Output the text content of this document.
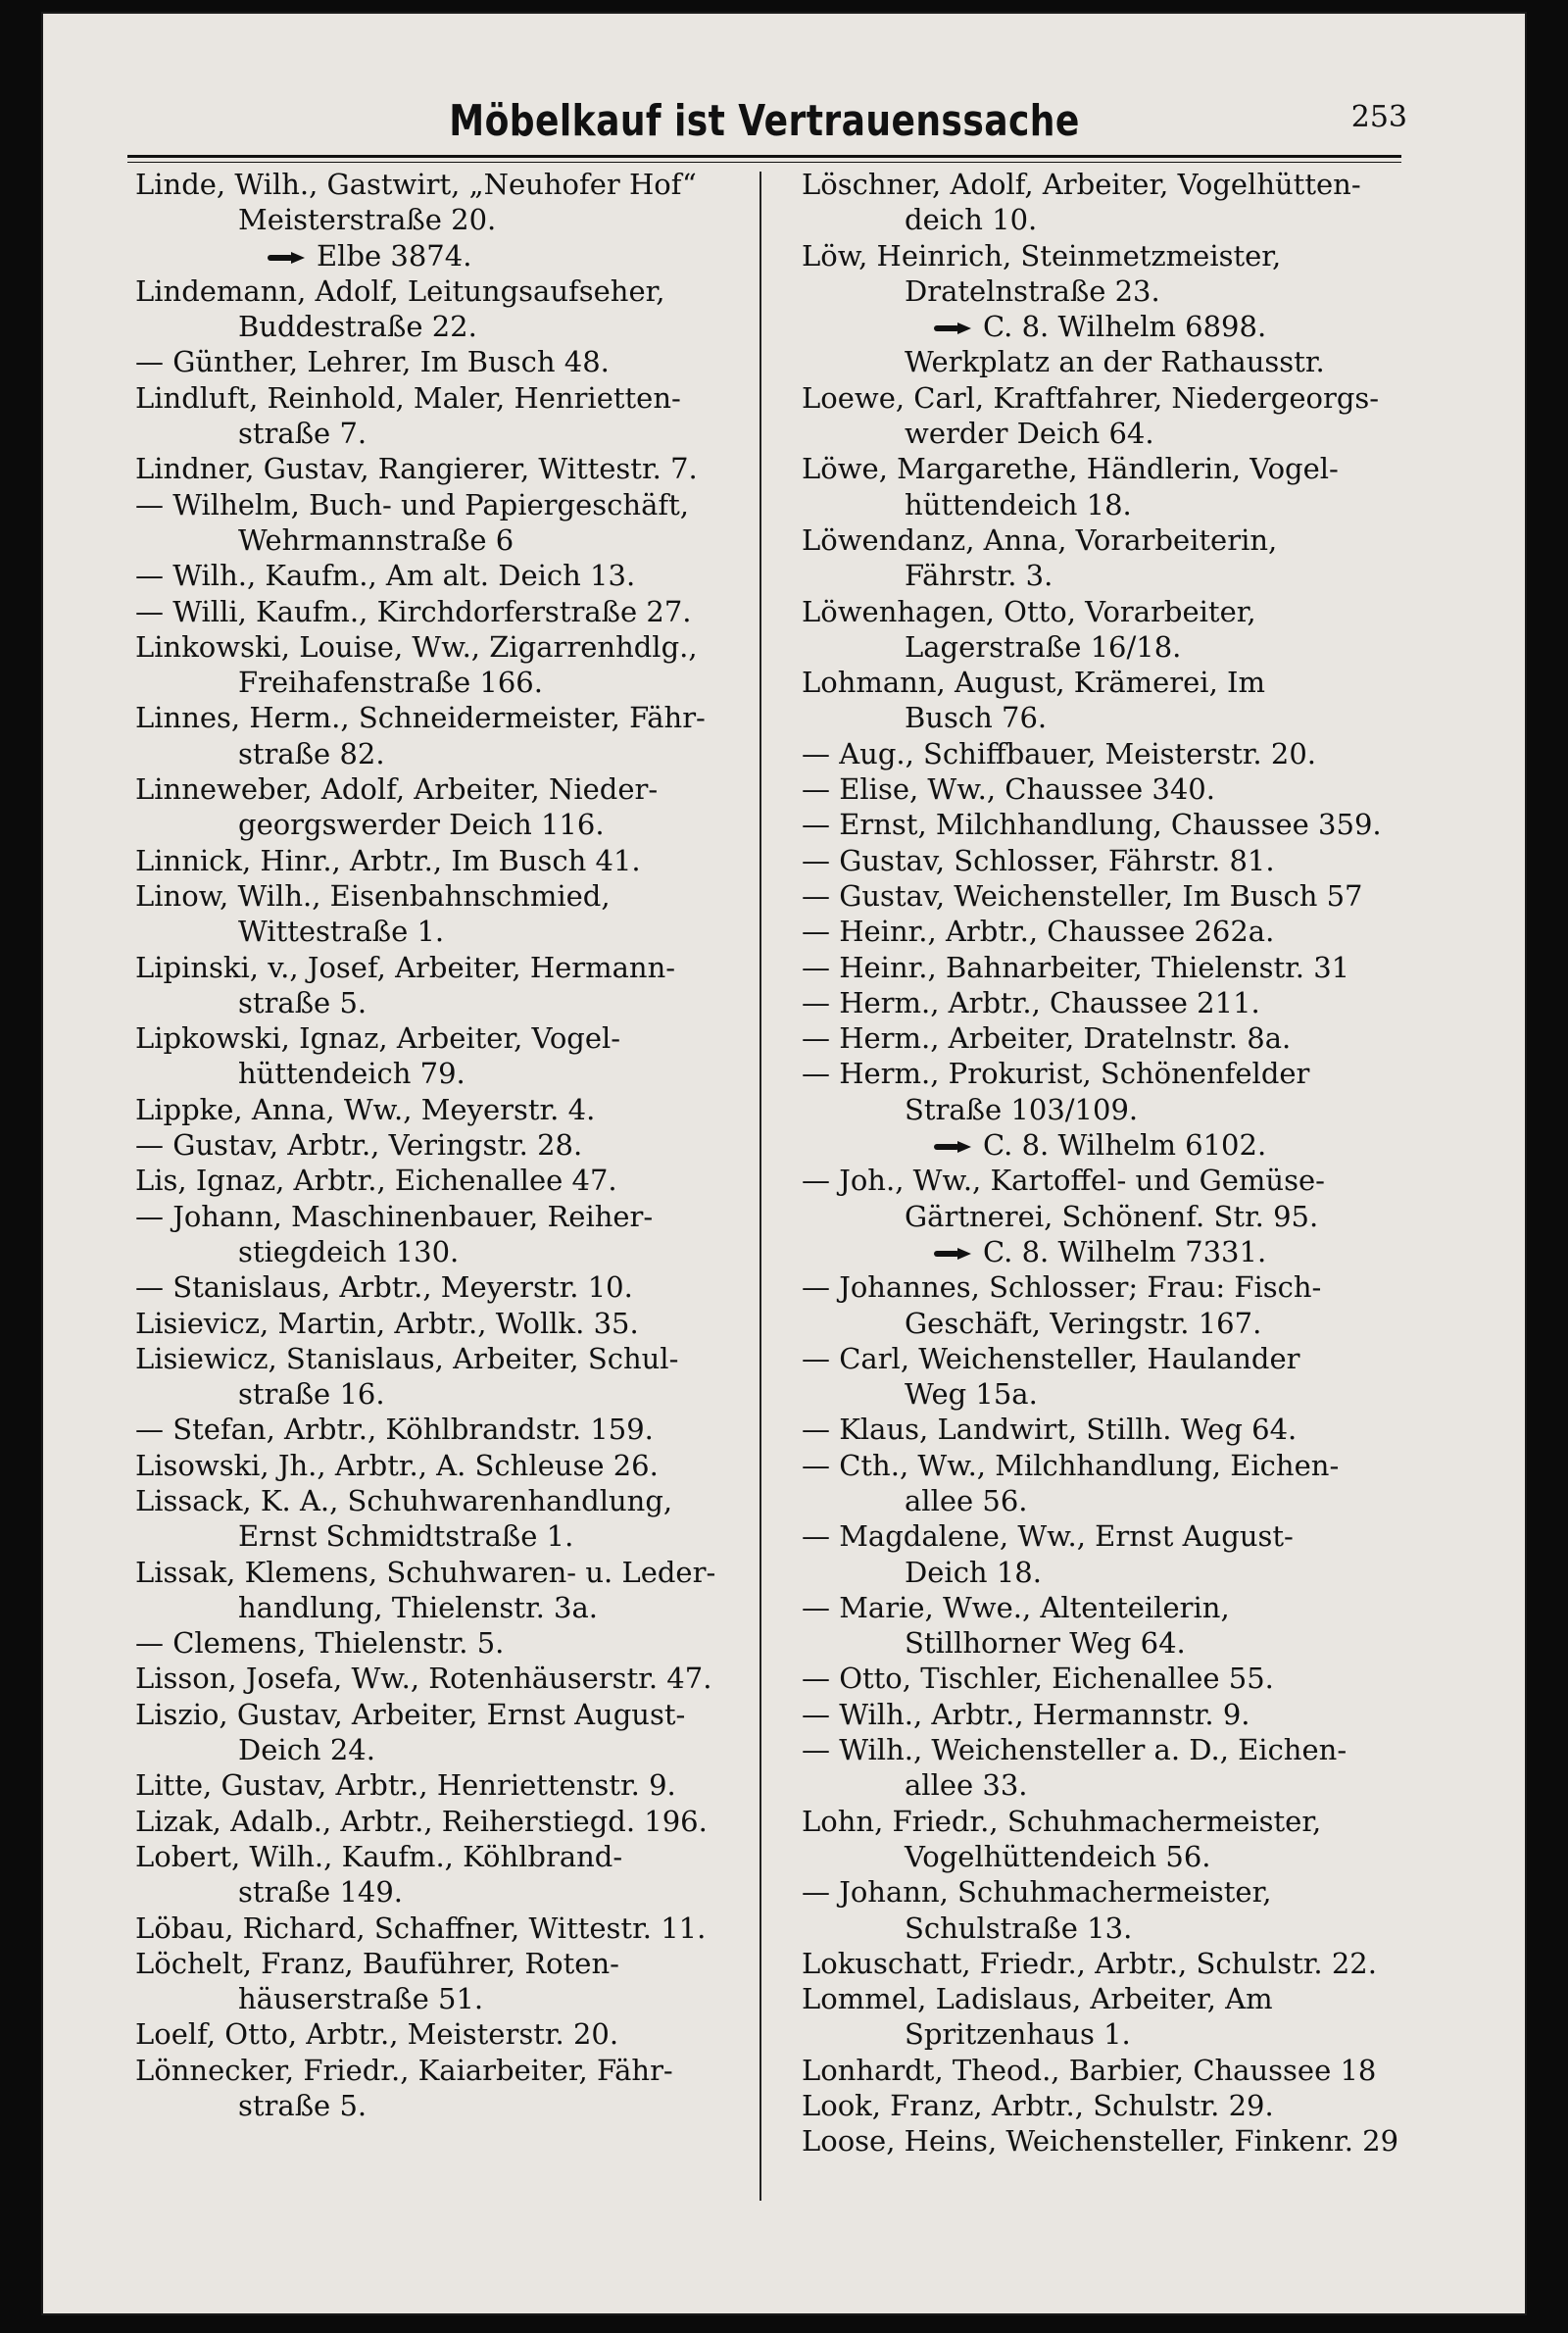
Möbelkauf ist Vertrauenssache	253
Linde, Wilh., Gastwirt, „Neuhofer Hof“
Meisterstraße 20.
Elbe 3874.
Lindemann, Adolf, Leitungsaufseher,
Buddestraße 22.
— Günther, Lehrer, Im Busch 48.
Lindluft, Reinhold, Maler, Henrietten-
straße 7.
Lindner, Gustav, Rangierer, Wittestr. 7.
— Wilhelm, Buch- und Papiergeschäft,
Wehrmannstraße 6
— Wilh., Kaufm., Am alt. Deich 13.
— Willi, Kaufm., Kirchdorferstraße 27.
Linkowski, Louise, Ww., Zigarrenhdlg.,
Freihafenstraße 166.
Linnes, Herm., Schneidermeister, Fähr-
straße 82.
Linneweber, Adolf, Arbeiter, Nieder-
georgswerder Deich 116.
Linnick, Hinr., Arbtr., Im Busch 41.
Linow, Wilh., Eisenbahnschmied,
Wittestraße 1.
Lipinski, v., Josef, Arbeiter, Hermann-
straße 5.
Lipkowski, Ignaz, Arbeiter, Vogel-
hüttendeich 79.
Lippke, Anna, Ww., Meyerstr. 4.
— Gustav, Arbtr., Veringstr. 28.
Lis, Ignaz, Arbtr., Eichenallee 47.
— Johann, Maschinenbauer, Reiher-
stiegdeich 130.
— Stanislaus, Arbtr., Meyerstr. 10.
Lisievicz, Martin, Arbtr., Wollk. 35.
Lisiewicz, Stanislaus, Arbeiter, Schul-
straße 16.
— Stefan, Arbtr., Köhlbrandstr. 159.
Lisowski, Jh., Arbtr., A. Schleuse 26.
Lissack, K. A., Schuhwarenhandlung,
Ernst Schmidtstraße 1.
Lissak, Klemens, Schuhwaren- u. Leder-
handlung, Thielenstr. 3a.
— Clemens, Thielenstr. 5.
Lisson, Josefa, Ww., Rotenhäuserstr. 47.
Liszio, Gustav, Arbeiter, Ernst August-
Deich 24.
Litte, Gustav, Arbtr., Henriettenstr. 9.
Lizak, Adalb., Arbtr., Reiherstiegd. 196.
Lobert, Wilh., Kaufm., Köhlbrand-
straße 149.
Löbau, Richard, Schaffner, Wittestr. 11.
Löchelt, Franz, Bauführer, Roten-
häuserstraße 51.
Loelf, Otto, Arbtr., Meisterstr. 20.
Lönnecker, Friedr., Kaiarbeiter, Fähr-
straße 5.
Löschner, Adolf, Arbeiter, Vogelhütten-
deich 10.
Löw, Heinrich, Steinmetzmeister,
Dratelnstraße 23.
C. 8. Wilhelm 6898.
Werkplatz an der Rathausstr.
Loewe, Carl, Kraftfahrer, Niedergeorgs-
werder Deich 64.
Löwe, Margarethe, Händlerin, Vogel-
hüttendeich 18.
Löwendanz, Anna, Vorarbeiterin,
Fährstr. 3.
Löwenhagen, Otto, Vorarbeiter,
Lagerstraße 16/18.
Lohmann, August, Krämerei, Im
Busch 76.
— Aug., Schiffbauer, Meisterstr. 20.
— Elise, Ww., Chaussee 340.
— Ernst, Milchhandlung, Chaussee 359.
— Gustav, Schlosser, Fährstr. 81.
— Gustav, Weichensteller, Im Busch 57
— Heinr., Arbtr., Chaussee 262a.
— Heinr., Bahnarbeiter, Thielenstr. 31
— Herm., Arbtr., Chaussee 211.
— Herm., Arbeiter, Dratelnstr. 8a.
— Herm., Prokurist, Schönenfelder
Straße 103/109.
C. 8. Wilhelm 6102.
— Joh., Ww., Kartoffel- und Gemüse-
Gärtnerei, Schönenf. Str. 95.
C. 8. Wilhelm 7331.
— Johannes, Schlosser; Frau: Fisch-
Geschäft, Veringstr. 167.
— Carl, Weichensteller, Haulander
Weg 15a.
— Klaus, Landwirt, Stillh. Weg 64.
— Cth., Ww., Milchhandlung, Eichen-
allee 56.
— Magdalene, Ww., Ernst August-
Deich 18.
— Marie, Wwe., Altenteilerin,
Stillhorner Weg 64.
— Otto, Tischler, Eichenallee 55.
— Wilh., Arbtr., Hermannstr. 9.
— Wilh., Weichensteller a. D., Eichen-
allee 33.
Lohn, Friedr., Schuhmachermeister,
Vogelhüttendeich 56.
— Johann, Schuhmachermeister,
Schulstraße 13.
Lokuschatt, Friedr., Arbtr., Schulstr. 22.
Lommel, Ladislaus, Arbeiter, Am
Spritzenhaus 1.
Lonhardt, Theod., Barbier, Chaussee 18
Look, Franz, Arbtr., Schulstr. 29.
Loose, Heins, Weichensteller, Finkenr. 29
